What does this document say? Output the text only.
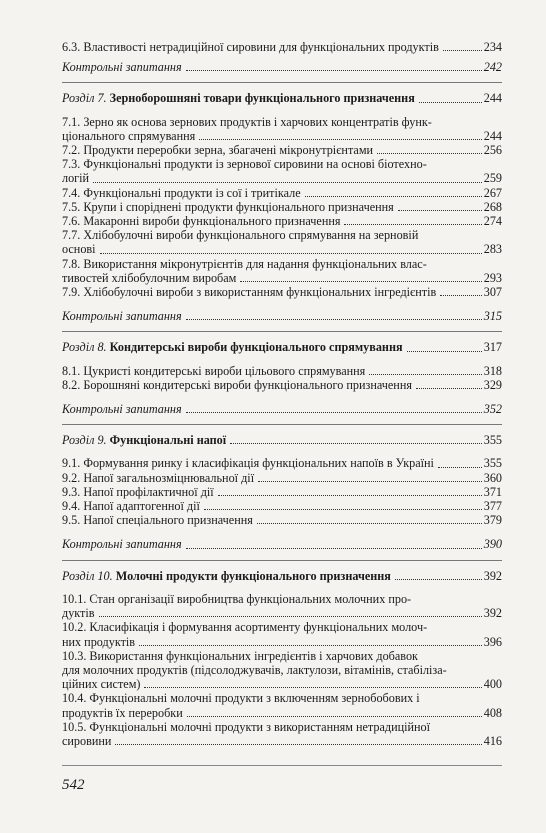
6.3. Властивості нетрадиційної сировини для функціональних продуктів	234
Контрольні запитання	242
Розділ 7. Зерноборошняні товари функціонального призначення	244
7.1. Зерно як основа зернових продуктів і харчових концентратів функ-
ціонального спрямування	244
7.2. Продукти переробки зерна, збагачені мікронутрієнтами	256
7.3. Функціональні продукти із зернової сировини на основі біотехно-
логій	259
7.4. Функціональні продукти із сої і тритікале	267
7.5. Крупи і споріднені продукти функціонального призначення	268
7.6. Макаронні вироби функціонального призначення	274
7.7. Хлібобулочні вироби функціонального спрямування на зерновій
основі	283
7.8. Використання мікронутрієнтів для надання функціональних влас-
тивостей хлібобулочним виробам	293
7.9. Хлібобулочні вироби з використанням функціональних інгредієнтів	307
Контрольні запитання	315
Розділ 8. Кондитерські вироби функціонального спрямування	317
8.1. Цукристі кондитерські вироби цільового спрямування	318
8.2. Борошняні кондитерські вироби функціонального призначення	329
Контрольні запитання	352
Розділ 9. Функціональні напої	355
9.1. Формування ринку і класифікація функціональних напоїв в Україні	355
9.2. Напої загальнозміцнювальної дії	360
9.3. Напої профілактичної дії	371
9.4. Напої адаптогенної дії	377
9.5. Напої спеціального призначення	379
Контрольні запитання	390
Розділ 10. Молочні продукти функціонального призначення	392
10.1. Стан організації виробництва функціональних молочних про-
дуктів	392
10.2. Класифікація і формування асортименту функціональних молоч-
них продуктів	396
10.3. Використання функціональних інгредієнтів і харчових добавок
для молочних продуктів (підсолоджувачів, лактулози, вітамінів, стабіліза-
ційних систем)	400
10.4. Функціональні молочні продукти з включенням зернобобових і
продуктів їх переробки	408
10.5. Функціональні молочні продукти з використанням нетрадиційної
сировини	416
542
